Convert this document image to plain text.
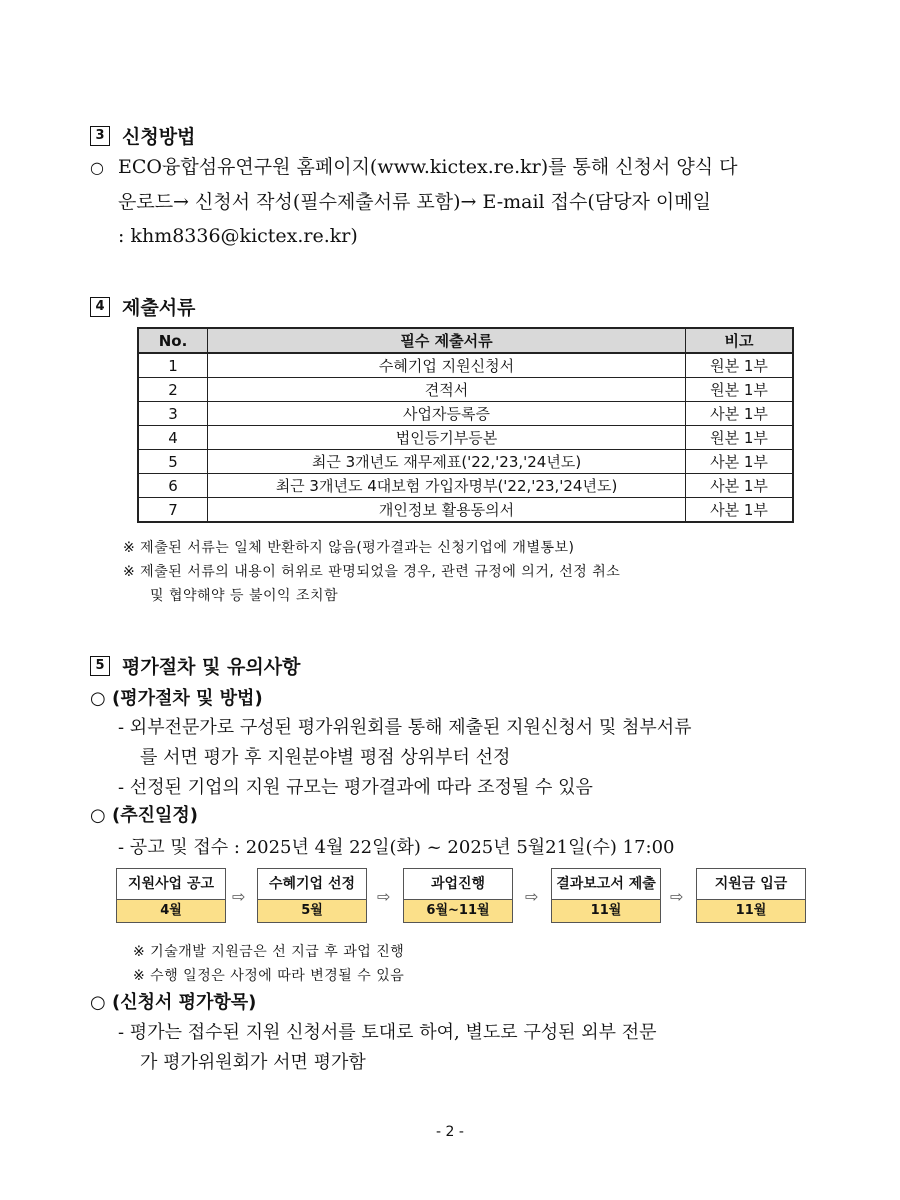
3 신청방법
○ ECO융합섬유연구원 홈페이지(www.kictex.re.kr)를 통해 신청서 양식 다
운로드→ 신청서 작성(필수제출서류 포함)→ E-mail 접수(담당자 이메일
: khm8336@kictex.re.kr)
4 제출서류
No.	필수 제출서류	비고
1	수혜기업 지원신청서	원본 1부
2	견적서	원본 1부
3	사업자등록증	사본 1부
4	법인등기부등본	원본 1부
5	최근 3개년도 재무제표('22,'23,'24년도)	사본 1부
6	최근 3개년도 4대보험 가입자명부('22,'23,'24년도)	사본 1부
7	개인정보 활용동의서	사본 1부
※ 제출된 서류는 일체 반환하지 않음(평가결과는 신청기업에 개별통보)
※ 제출된 서류의 내용이 허위로 판명되었을 경우, 관련 규정에 의거, 선정 취소
및 협약해약 등 불이익 조치함
5 평가절차 및 유의사항
○ (평가절차 및 방법)
- 외부전문가로 구성된 평가위원회를 통해 제출된 지원신청서 및 첨부서류
를 서면 평가 후 지원분야별 평점 상위부터 선정
- 선정된 기업의 지원 규모는 평가결과에 따라 조정될 수 있음
○ (추진일정)
- 공고 및 접수 : 2025년 4월 22일(화) ~ 2025년 5월21일(수) 17:00
지원사업 공고
4월
⇨
수혜기업 선정
5월
⇨
과업진행
6월~11월
⇨
결과보고서 제출
11월
⇨
지원금 입금
11월
※ 기술개발 지원금은 선 지급 후 과업 진행
※ 수행 일정은 사정에 따라 변경될 수 있음
○ (신청서 평가항목)
- 평가는 접수된 지원 신청서를 토대로 하여, 별도로 구성된 외부 전문
가 평가위원회가 서면 평가함
- 2 -
